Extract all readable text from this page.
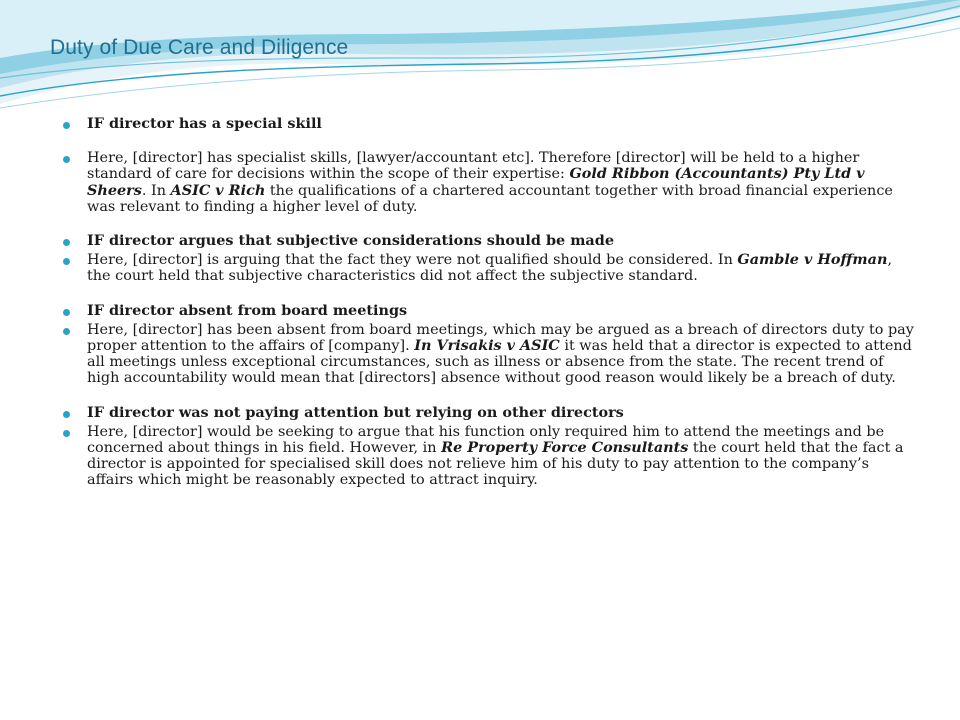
Duty of Due Care and Diligence
IF director has a special skill
Here, [director] has specialist skills, [lawyer/accountant etc]. Therefore [director] will be held to a higher standard of care for decisions within the scope of their expertise: Gold Ribbon (Accountants) Pty Ltd v Sheers. In ASIC v Rich the qualifications of a chartered accountant together with broad financial experience was relevant to finding a higher level of duty.
IF director argues that subjective considerations should be made
Here, [director] is arguing that the fact they were not qualified should be considered. In Gamble v Hoffman, the court held that subjective characteristics did not affect the subjective standard.
IF director absent from board meetings
Here, [director] has been absent from board meetings, which may be argued as a breach of directors duty to pay proper attention to the affairs of [company]. In Vrisakis v ASIC it was held that a director is expected to attend all meetings unless exceptional circumstances, such as illness or absence from the state. The recent trend of high accountability would mean that [directors] absence without good reason would likely be a breach of duty.
IF director was not paying attention but relying on other directors
Here, [director] would be seeking to argue that his function only required him to attend the meetings and be concerned about things in his field. However, in Re Property Force Consultants the court held that the fact a director is appointed for specialised skill does not relieve him of his duty to pay attention to the company’s affairs which might be reasonably expected to attract inquiry.
